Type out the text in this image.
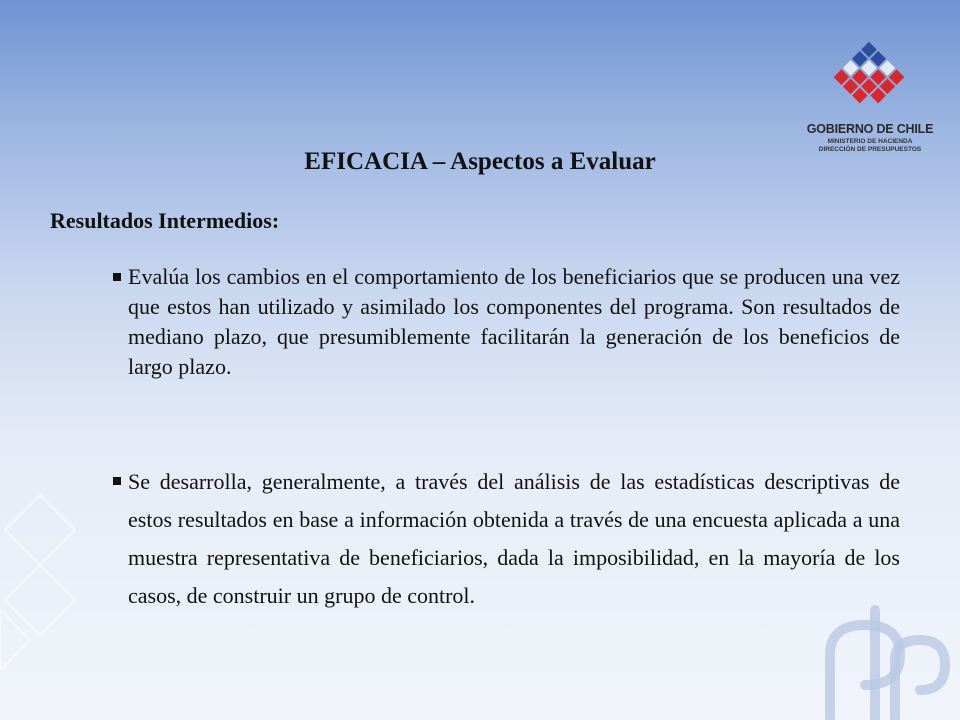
GOBIERNO DE CHILE
MINISTERIO DE HACIENDA
DIRECCIÓN DE PRESUPUESTOS
EFICACIA – Aspectos a Evaluar
Resultados Intermedios:
Evalúa los cambios en el comportamiento de los beneficiarios que se producen una vez que estos han utilizado y asimilado los componentes del programa. Son resultados de mediano plazo, que presumiblemente facilitarán la generación de los beneficios de largo plazo.
Se desarrolla, generalmente, a través del análisis de las estadísticas descriptivas de estos resultados en base a información obtenida a través de una encuesta aplicada a una muestra representativa de beneficiarios, dada la imposibilidad, en la mayoría de los casos, de construir un grupo de control.
